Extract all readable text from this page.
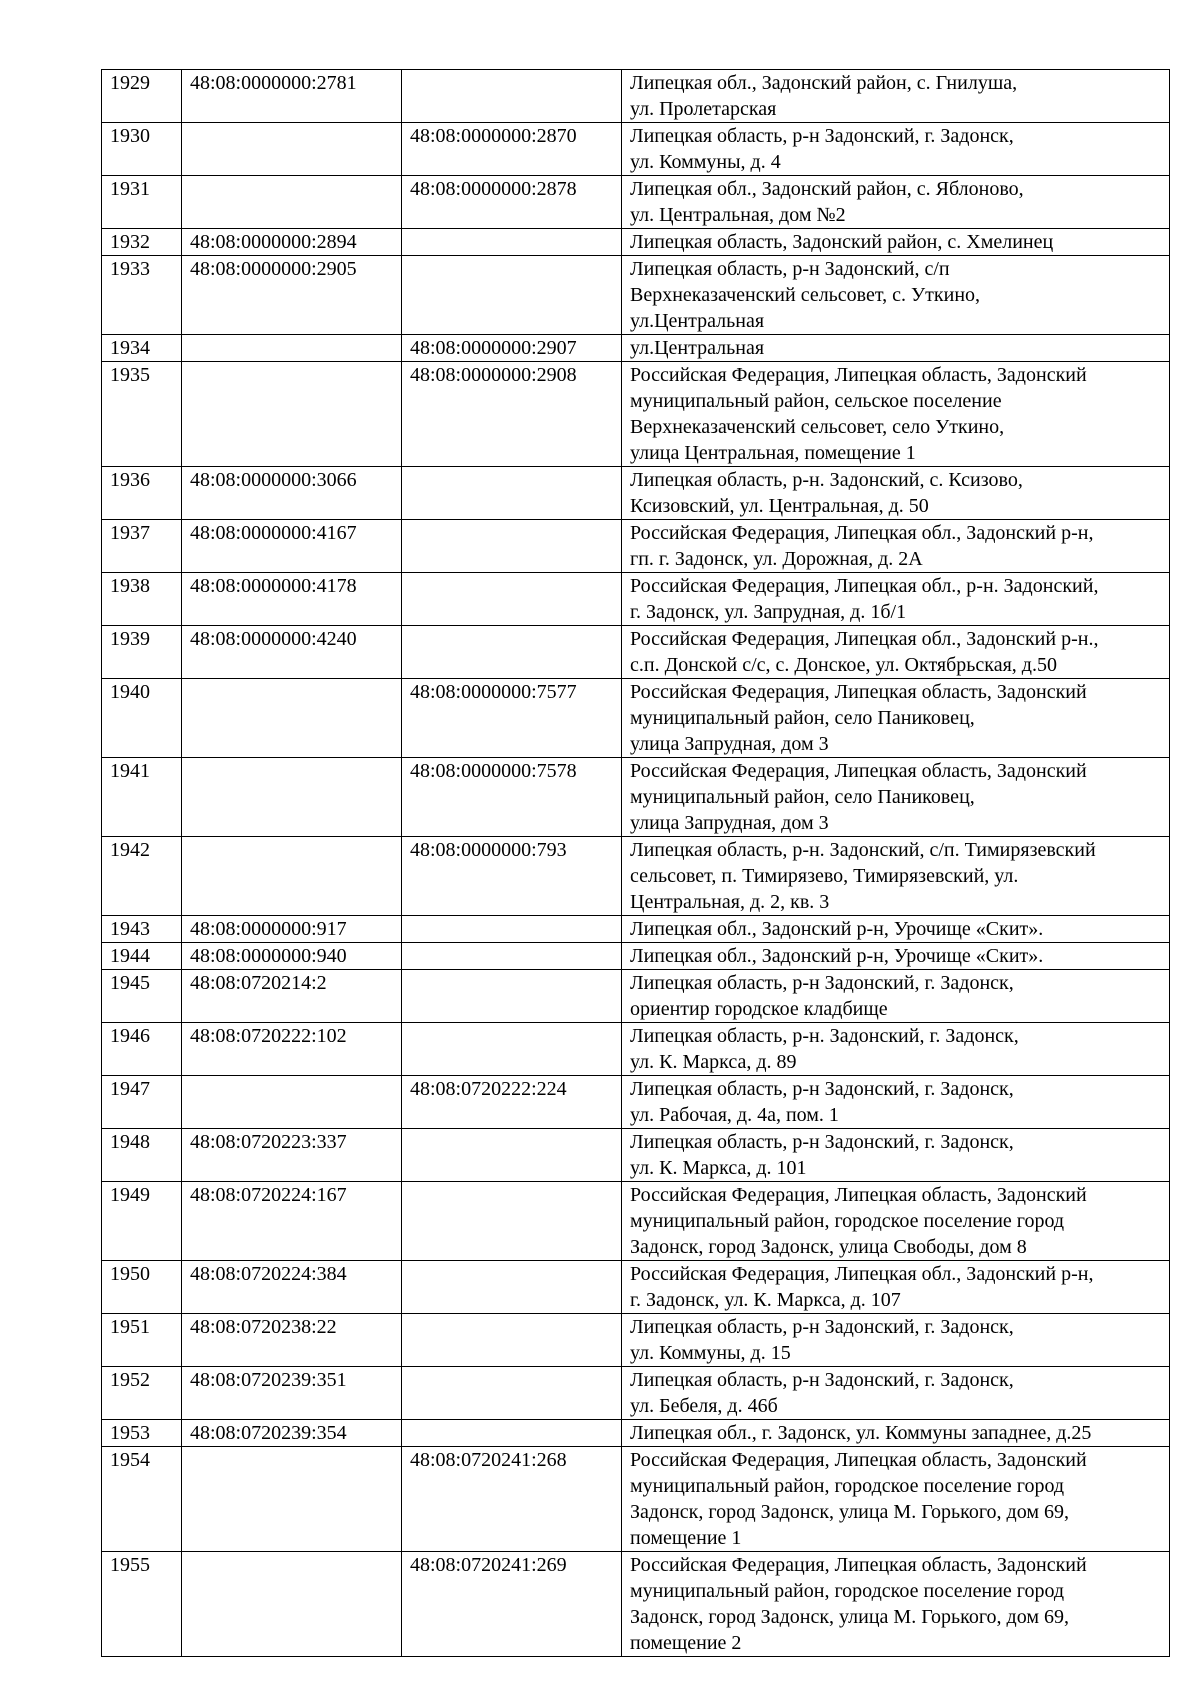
1929	48:08:0000000:2781		Липецкая обл., Задонский район, с. Гнилуша,
ул. Пролетарская
1930		48:08:0000000:2870	Липецкая область, р-н Задонский, г. Задонск,
ул. Коммуны, д. 4
1931		48:08:0000000:2878	Липецкая обл., Задонский район, с. Яблоново,
ул. Центральная, дом №2
1932	48:08:0000000:2894		Липецкая область, Задонский район, с. Хмелинец
1933	48:08:0000000:2905		Липецкая область, р-н Задонский, с/п
Верхнеказаченский сельсовет, с. Уткино,
ул.Центральная
1934		48:08:0000000:2907	ул.Центральная
1935		48:08:0000000:2908	Российская Федерация, Липецкая область, Задонский
муниципальный район, сельское поселение
Верхнеказаченский сельсовет, село Уткино,
улица Центральная, помещение 1
1936	48:08:0000000:3066		Липецкая область, р-н. Задонский, с. Ксизово,
Ксизовский, ул. Центральная, д. 50
1937	48:08:0000000:4167		Российская Федерация, Липецкая обл., Задонский р-н,
гп. г. Задонск, ул. Дорожная, д. 2А
1938	48:08:0000000:4178		Российская Федерация, Липецкая обл., р-н. Задонский,
г. Задонск, ул. Запрудная, д. 1б/1
1939	48:08:0000000:4240		Российская Федерация, Липецкая обл., Задонский р-н.,
с.п. Донской с/с, с. Донское, ул. Октябрьская, д.50
1940		48:08:0000000:7577	Российская Федерация, Липецкая область, Задонский
муниципальный район, село Паниковец,
улица Запрудная, дом 3
1941		48:08:0000000:7578	Российская Федерация, Липецкая область, Задонский
муниципальный район, село Паниковец,
улица Запрудная, дом 3
1942		48:08:0000000:793	Липецкая область, р-н. Задонский, с/п. Тимирязевский
сельсовет, п. Тимирязево, Тимирязевский, ул.
Центральная, д. 2, кв. 3
1943	48:08:0000000:917		Липецкая обл., Задонский р-н, Урочище «Скит».
1944	48:08:0000000:940		Липецкая обл., Задонский р-н, Урочище «Скит».
1945	48:08:0720214:2		Липецкая область, р-н Задонский, г. Задонск,
ориентир городское кладбище
1946	48:08:0720222:102		Липецкая область, р-н. Задонский, г. Задонск,
ул. К. Маркса, д. 89
1947		48:08:0720222:224	Липецкая область, р-н Задонский, г. Задонск,
ул. Рабочая, д. 4а, пом. 1
1948	48:08:0720223:337		Липецкая область, р-н Задонский, г. Задонск,
ул. К. Маркса, д. 101
1949	48:08:0720224:167		Российская Федерация, Липецкая область, Задонский
муниципальный район, городское поселение город
Задонск, город Задонск, улица Свободы, дом 8
1950	48:08:0720224:384		Российская Федерация, Липецкая обл., Задонский р-н,
г. Задонск, ул. К. Маркса, д. 107
1951	48:08:0720238:22		Липецкая область, р-н Задонский, г. Задонск,
ул. Коммуны, д. 15
1952	48:08:0720239:351		Липецкая область, р-н Задонский, г. Задонск,
ул. Бебеля, д. 46б
1953	48:08:0720239:354		Липецкая обл., г. Задонск, ул. Коммуны западнее, д.25
1954		48:08:0720241:268	Российская Федерация, Липецкая область, Задонский
муниципальный район, городское поселение город
Задонск, город Задонск, улица М. Горького, дом 69,
помещение 1
1955		48:08:0720241:269	Российская Федерация, Липецкая область, Задонский
муниципальный район, городское поселение город
Задонск, город Задонск, улица М. Горького, дом 69,
помещение 2
